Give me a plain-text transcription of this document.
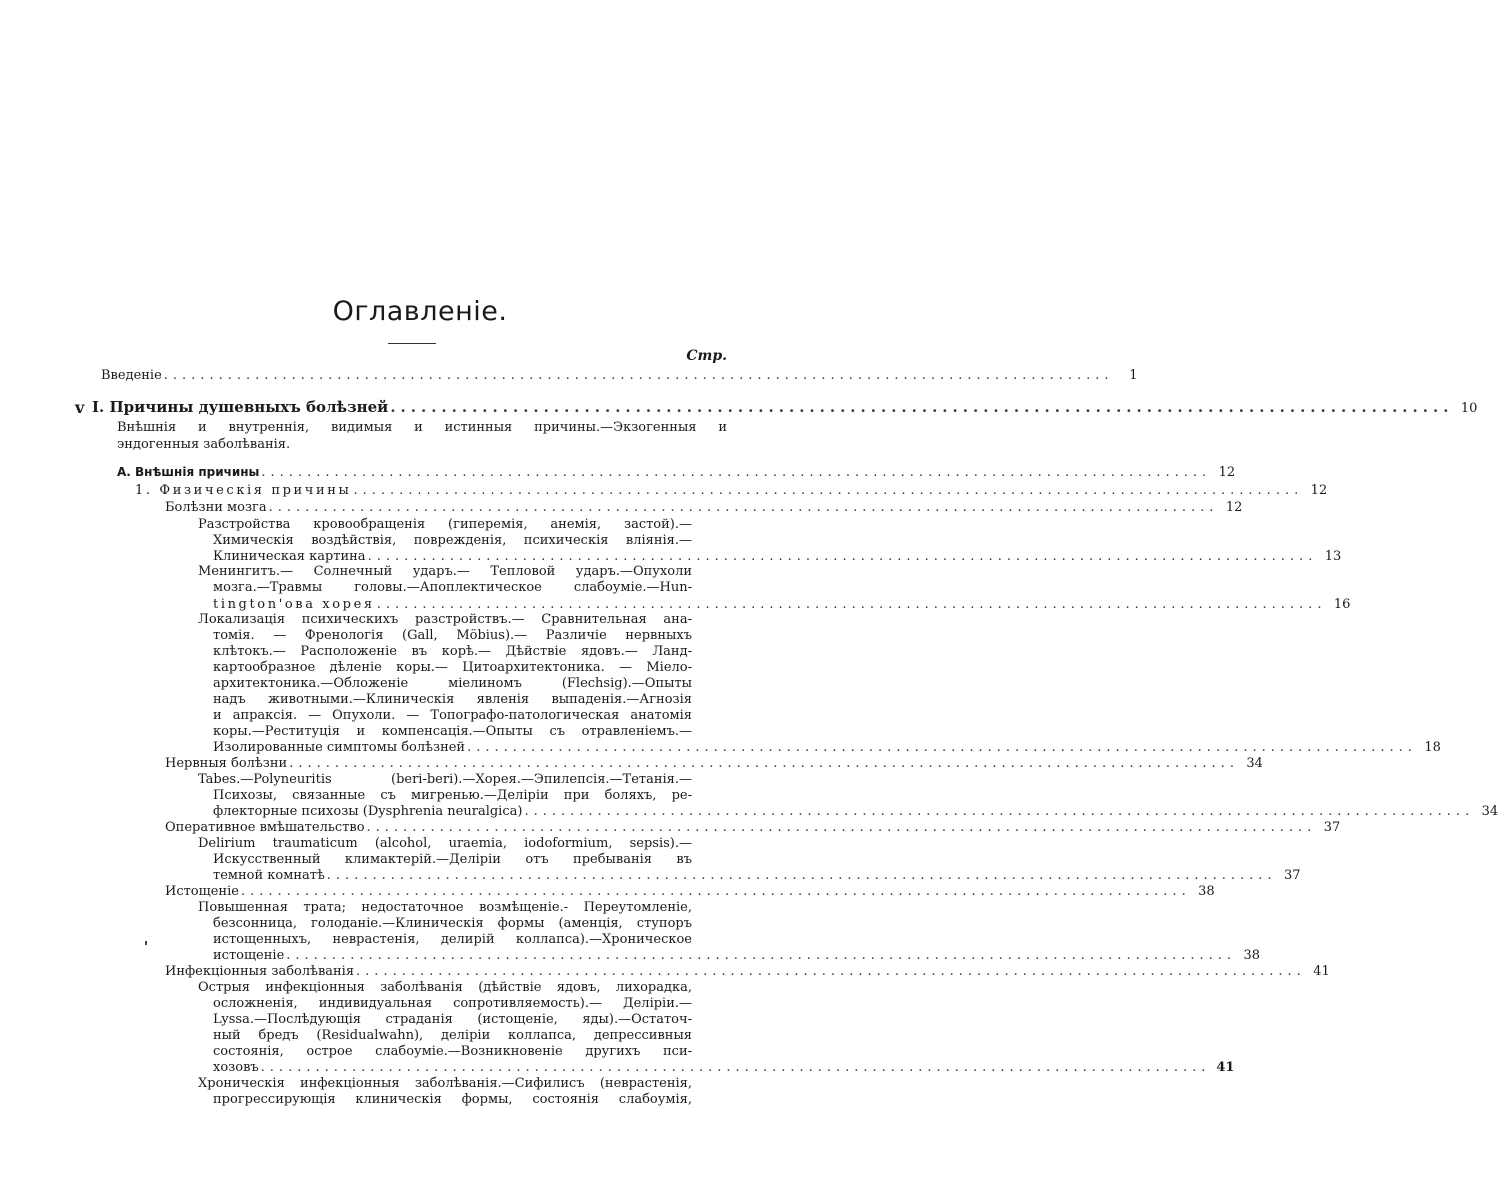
Оглавленіе.
Стр.
v
Введеніе ........................................................................................................	1
I. Причины душевныхъ болѣзней ........................................................................................................ 10
Внѣшнія и внутреннія, видимыя и истинныя причины.—Экзогенныя и
эндогенныя заболѣванія.
А. Внѣшнія причины ........................................................................................................ 12
1. Физическія причины ........................................................................................................ 12
Болѣзни мозга ........................................................................................................ 12
Разстройства кровообращенія (гиперемія, анемія, застой).—
Химическія воздѣйствія, поврежденія, психическія вліянія.—
Клиническая картина ........................................................................................................ 13
Менингитъ.— Солнечный ударъ.— Тепловой ударъ.—Опухоли
мозга.—Травмы головы.—Апоплектическое слабоуміе.—Hun-
tington'ова хорея ........................................................................................................ 16
Локализація психическихъ разстройствъ.— Сравнительная ана-
томія. — Френологія (Gall, Möbius).— Различіе нервныхъ
клѣтокъ.— Расположеніе въ корѣ.— Дѣйствіе ядовъ.— Ланд-
картообразное дѣленіе коры.— Цитоархитектоника. — Міело-
архитектоника.—Обложеніе міелиномъ (Flechsig).—Опыты
надъ животными.—Клиническія явленія выпаденія.—Агнозія
и апраксія. — Опухоли. — Топографо-патологическая анатомія
коры.—Реституція и компенсація.—Опыты съ отравленіемъ.—
Изолированные симптомы болѣзней ........................................................................................................ 18
Нервныя болѣзни ........................................................................................................ 34
Tabes.—Polyneuritis (beri-beri).—Хорея.—Эпилепсія.—Тетанія.—
Психозы, связанные съ мигренью.—Деліріи при боляхъ, ре-
флекторные психозы (Dysphrenia neuralgica) ........................................................................................................ 34
Оперативное вмѣшательство ........................................................................................................ 37
Delirium traumaticum (alcohol, uraemia, iodoformium, sepsis).—
Искусственный климактерій.—Деліріи отъ пребыванія въ
темной комнатѣ ........................................................................................................ 37
Истощеніе ........................................................................................................ 38
Повышенная трата; недостаточное возмѣщеніе.- Переутомленіе,
безсонница, голоданіе.—Клиническія формы (аменція, ступоръ
истощенныхъ, неврастенія, делирій коллапса).—Хроническое
истощеніе ........................................................................................................ 38
Инфекціонныя заболѣванія ........................................................................................................ 41
Острыя инфекціонныя заболѣванія (дѣйствіе ядовъ, лихорадка,
осложненія, индивидуальная сопротивляемость).— Деліріи.—
Lyssa.—Послѣдующія страданія (истощеніе, яды).—Остаточ-
ный бредъ (Residualwahn), деліріи коллапса, депрессивныя
состоянія, острое слабоуміе.—Возникновеніе другихъ пси-
хозовъ ........................................................................................................ 41
Хроническія инфекціонныя заболѣванія.—Сифилисъ (неврастенія,
прогрессирующія клиническія формы, состоянія слабоумія,
